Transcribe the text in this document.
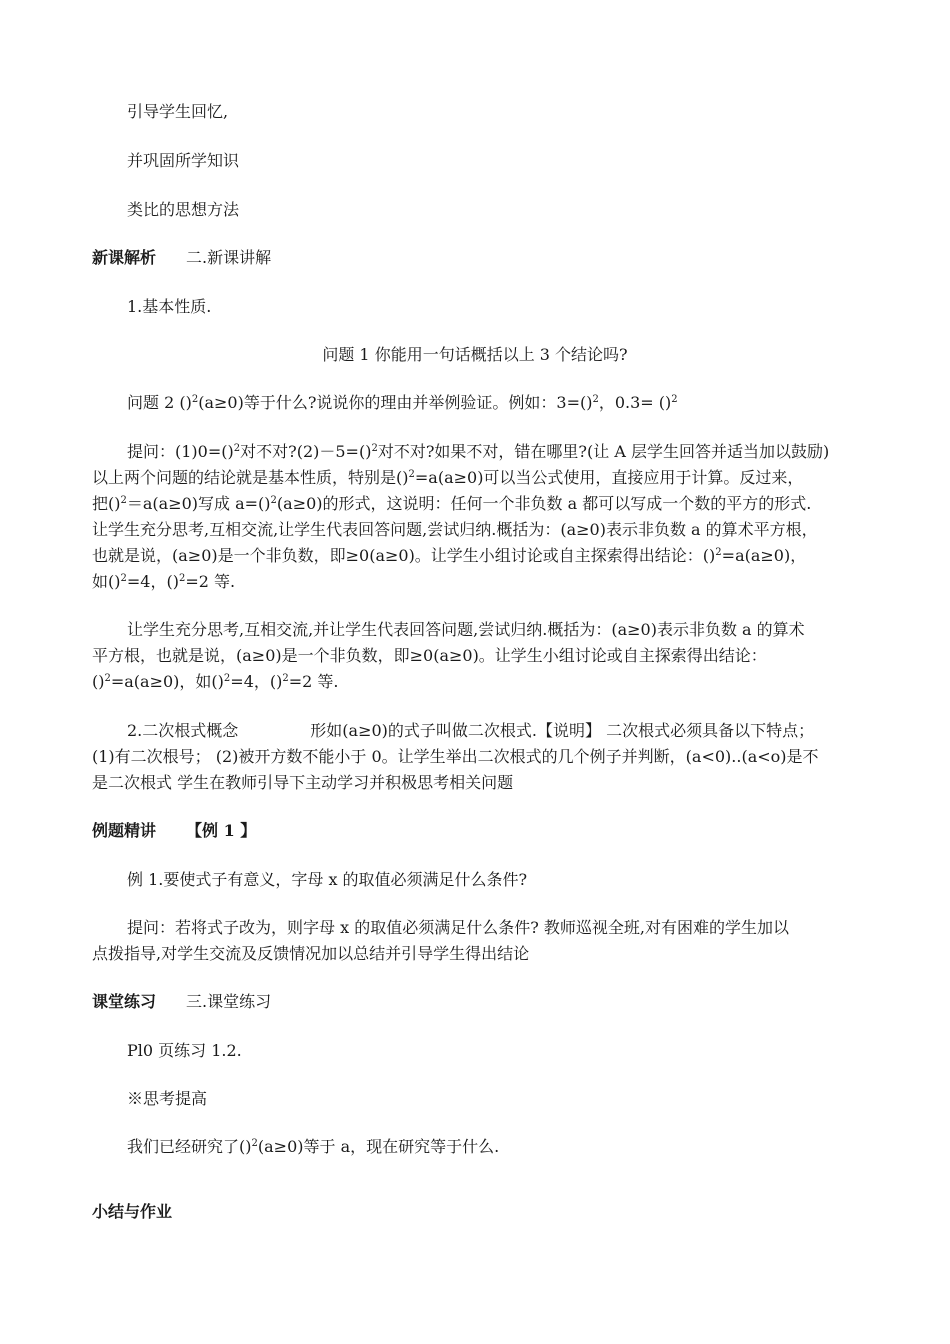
引导学生回忆,
并巩固所学知识
类比的思想方法
新课解析 二.新课讲解
1.基本性质.
问题 1 你能用一句话概括以上 3 个结论吗?
问题 2 ()$^2$(a≥0)等于什么?说说你的理由并举例验证。例如：3=()$^2$，0.3= ()$^2$
提问：(1)0=()$^2$对不对?(2)－5=()$^2$对不对?如果不对，错在哪里?(让 A 层学生回答并适当加以鼓励)
以上两个问题的结论就是基本性质，特别是()$^2$=a(a≥0)可以当公式使用，直接应用于计算。反过来，
把()$^2$＝a(a≥0)写成 a=()$^2$(a≥0)的形式，这说明：任何一个非负数 a 都可以写成一个数的平方的形式.
让学生充分思考,互相交流,让学生代表回答问题,尝试归纳.概括为：(a≥0)表示非负数 a 的算术平方根，
也就是说，(a≥0)是一个非负数，即≥0(a≥0)。让学生小组讨论或自主探索得出结论：()$^2$=a(a≥0)，
如()$^2$=4，()$^2$=2 等.
让学生充分思考,互相交流,并让学生代表回答问题,尝试归纳.概括为：(a≥0)表示非负数 a 的算术
平方根，也就是说，(a≥0)是一个非负数，即≥0(a≥0)。让学生小组讨论或自主探索得出结论：
()$^2$=a(a≥0)，如()$^2$=4，()$^2$=2 等.
2.二次根式概念	形如(a≥0)的式子叫做二次根式.【说明】 二次根式必须具备以下特点；
(1)有二次根号； (2)被开方数不能小于 0。让学生举出二次根式的几个例子并判断，(a<0)..(a<o)是不
是二次根式 学生在教师引导下主动学习并积极思考相关问题
例题精讲 【例 1 】
例 1.要使式子有意义，字母 x 的取值必须满足什么条件?
提问：若将式子改为，则字母 x 的取值必须满足什么条件? 教师巡视全班,对有困难的学生加以
点拨指导,对学生交流及反馈情况加以总结并引导学生得出结论
课堂练习 三.课堂练习
Pl0 页练习 1.2.
※思考提高
我们已经研究了()$^2$(a≥0)等于 a，现在研究等于什么.
小结与作业
